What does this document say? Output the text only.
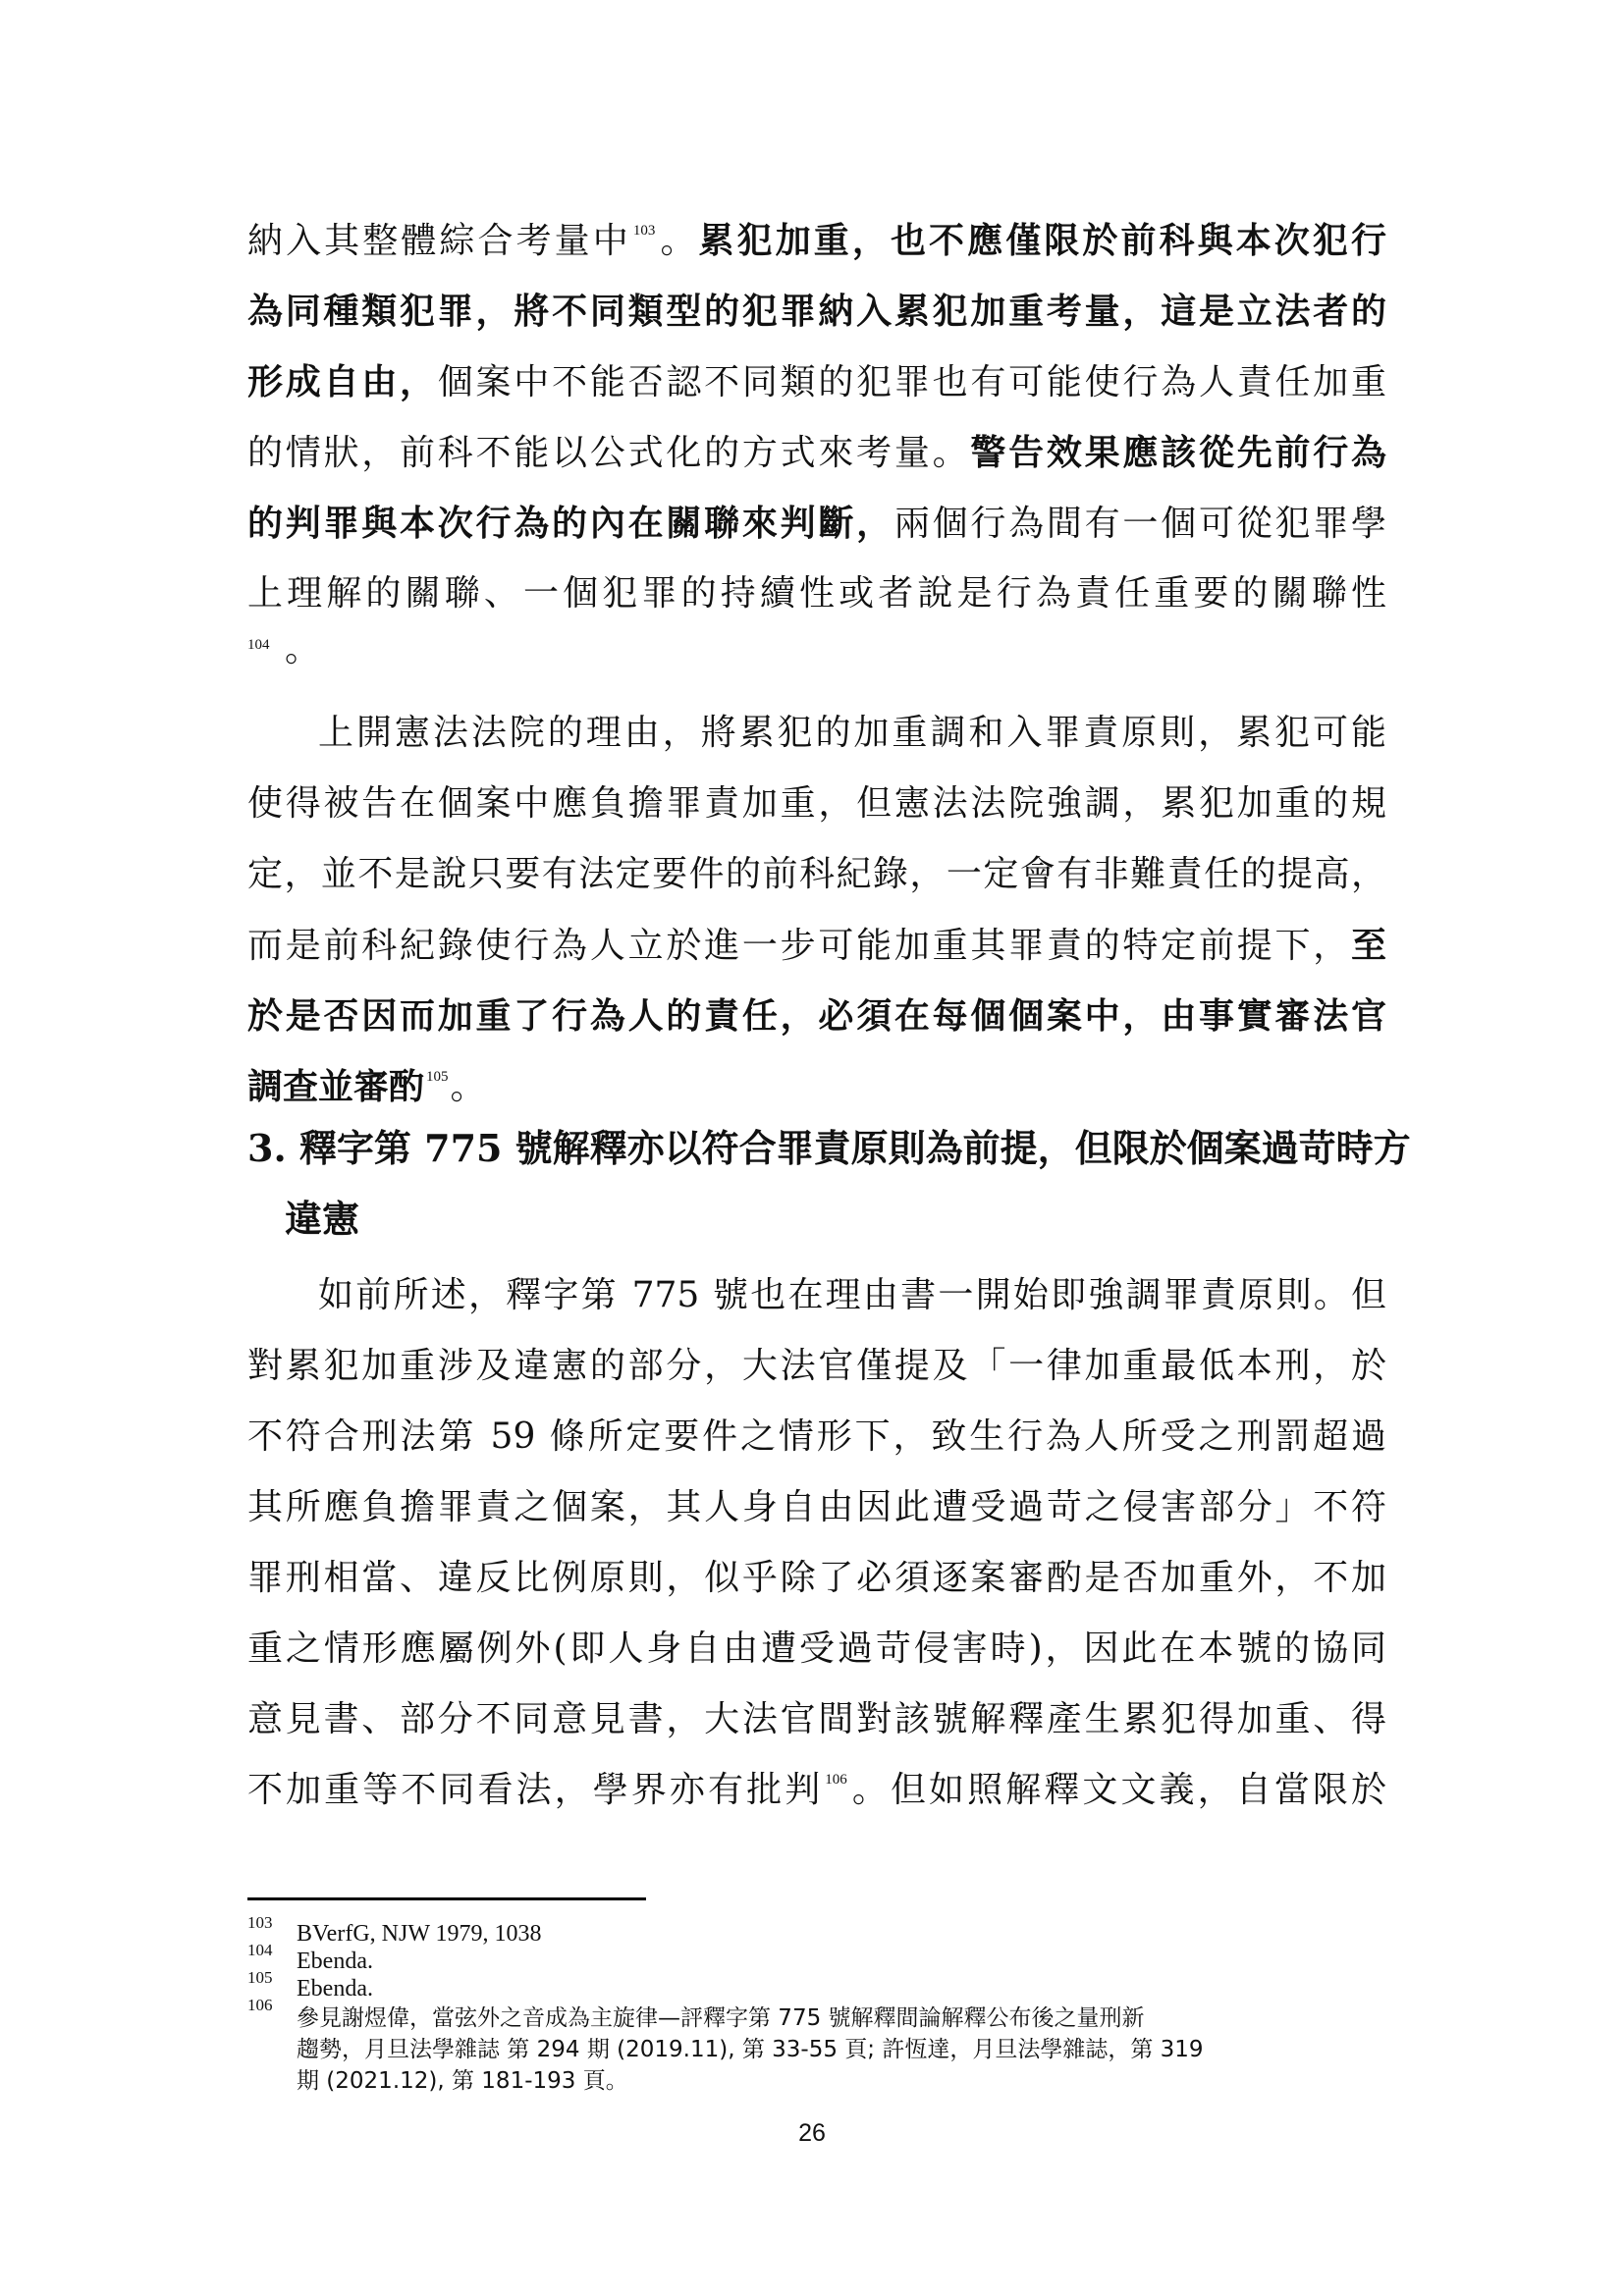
納入其整體綜合考量中 $^{103}$。累犯加重，也不應僅限於前科與本次犯行
為同種類犯罪，將不同類型的犯罪納入累犯加重考量，這是立法者的
形成自由，個案中不能否認不同類的犯罪也有可能使行為人責任加重
的情狀，前科不能以公式化的方式來考量。警告效果應該從先前行為
的判罪與本次行為的內在關聯來判斷，兩個行為間有一個可從犯罪學
上理解的關聯、一個犯罪的持續性或者說是行為責任重要的關聯性
104 。
上開憲法法院的理由，將累犯的加重調和入罪責原則，累犯可能
使得被告在個案中應負擔罪責加重，但憲法法院強調，累犯加重的規
定，並不是說只要有法定要件的前科紀錄，一定會有非難責任的提高，
而是前科紀錄使行為人立於進一步可能加重其罪責的特定前提下，至
於是否因而加重了行為人的責任，必須在每個個案中，由事實審法官
調查並審酌 $^{105}$。
3. 釋字第 775 號解釋亦以符合罪責原則為前提，但限於個案過苛時方
違憲
如前所述，釋字第 775 號也在理由書一開始即強調罪責原則。但
對累犯加重涉及違憲的部分，大法官僅提及「一律加重最低本刑，於
不符合刑法第 59 條所定要件之情形下，致生行為人所受之刑罰超過
其所應負擔罪責之個案，其人身自由因此遭受過苛之侵害部分」不符
罪刑相當、違反比例原則，似乎除了必須逐案審酌是否加重外，不加
重之情形應屬例外(即人身自由遭受過苛侵害時)，因此在本號的協同
意見書、部分不同意見書，大法官間對該號解釋產生累犯得加重、得
不加重等不同看法，學界亦有批判 $^{106}$。但如照解釋文文義，自當限於
103 BVerfG, NJW 1979, 1038
104 Ebenda.
105 Ebenda.
106
參見謝煜偉，當弦外之音成為主旋律—評釋字第 775 號解釋間論解釋公布後之量刑新
趨勢，月旦法學雜誌 第 294 期 (2019.11), 第 33-55 頁; 許恆達，月旦法學雜誌，第 319
期 (2021.12), 第 181-193 頁。
26
